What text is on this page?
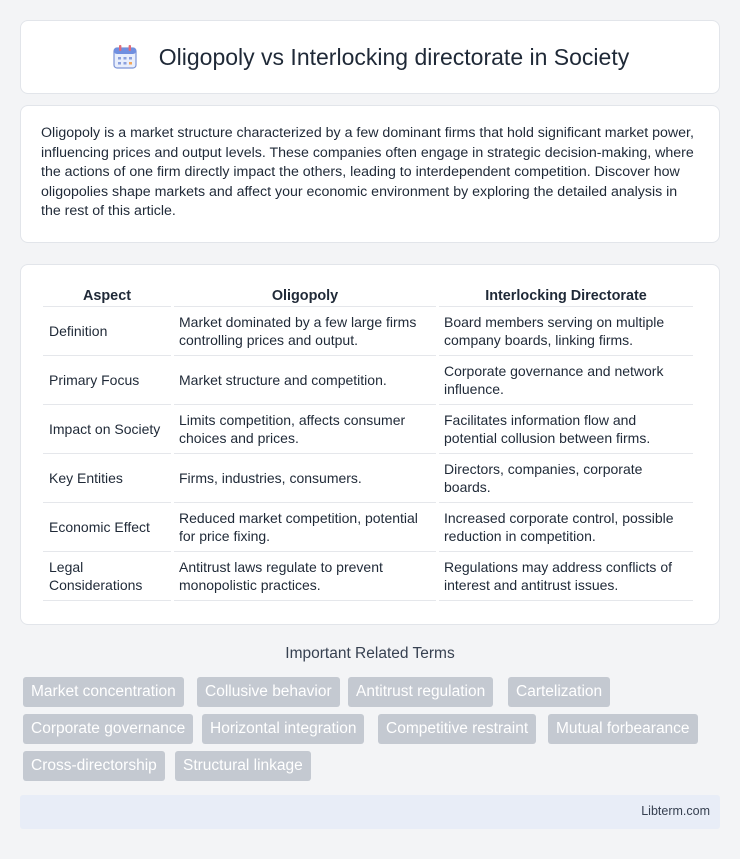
Oligopoly vs Interlocking directorate in Society

Oligopoly is a market structure characterized by a few dominant firms that hold significant market power, influencing prices and output levels. These companies often engage in strategic decision-making, where the actions of one firm directly impact the others, leading to interdependent competition. Discover how oligopolies shape markets and affect your economic environment by exploring the detailed analysis in the rest of this article.

Aspect	Oligopoly	Interlocking Directorate
Definition	Market dominated by a few large firms controlling prices and output.	Board members serving on multiple company boards, linking firms.
Primary Focus	Market structure and competition.	Corporate governance and network influence.
Impact on Society	Limits competition, affects consumer choices and prices.	Facilitates information flow and potential collusion between firms.
Key Entities	Firms, industries, consumers.	Directors, companies, corporate boards.
Economic Effect	Reduced market competition, potential for price fixing.	Increased corporate control, possible reduction in competition.
Legal Considerations	Antitrust laws regulate to prevent monopolistic practices.	Regulations may address conflicts of interest and antitrust issues.
Important Related Terms
Market concentration	Collusive behavior	Antitrust regulation	Cartelization
Corporate governance	Horizontal integration	Competitive restraint	Mutual forbearance
Cross-directorship	Structural linkage
Libterm.com
